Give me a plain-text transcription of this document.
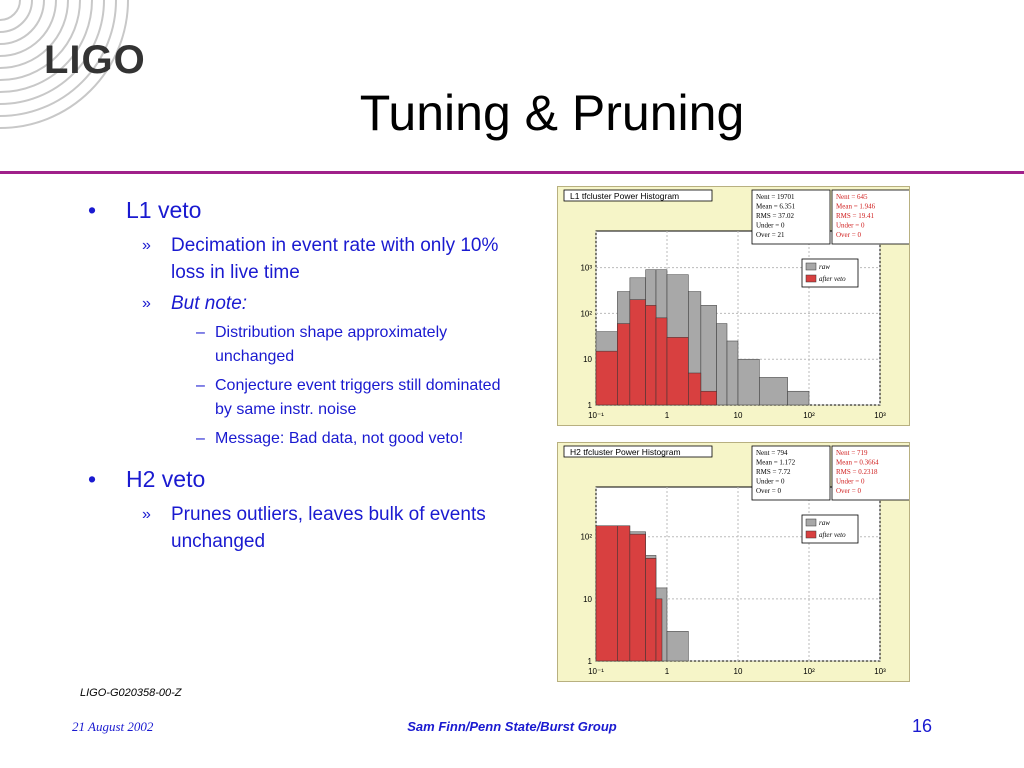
LIGO
Tuning & Pruning
• L1 veto
» Decimation in event rate with only 10% loss in live time
» But note:
– Distribution shape approximately unchanged
– Conjecture event triggers still dominated by same instr. noise
– Message: Bad data, not good veto!
• H2 veto
» Prunes outliers, leaves bulk of events unchanged
10⁻¹	1	10	10²	10³
1
10
10²
10³
L1 tfcluster Power Histogram	Nent = 19701
Mean = 6.351
RMS = 37.02
Under = 0
Over = 21
Nent = 645
Mean = 1.946
RMS = 19.41
Under = 0
Over = 0
raw
after veto
10⁻¹	1	10	10²	10³
1
10
10²
H2 tfcluster Power Histogram	Nent = 794
Mean = 1.172
RMS = 7.72
Under = 0
Over = 0
Nent = 719
Mean = 0.3664
RMS = 0.2318
Under = 0
Over = 0
raw
after veto
LIGO-G020358-00-Z
21 August 2002	Sam Finn/Penn State/Burst Group	16
